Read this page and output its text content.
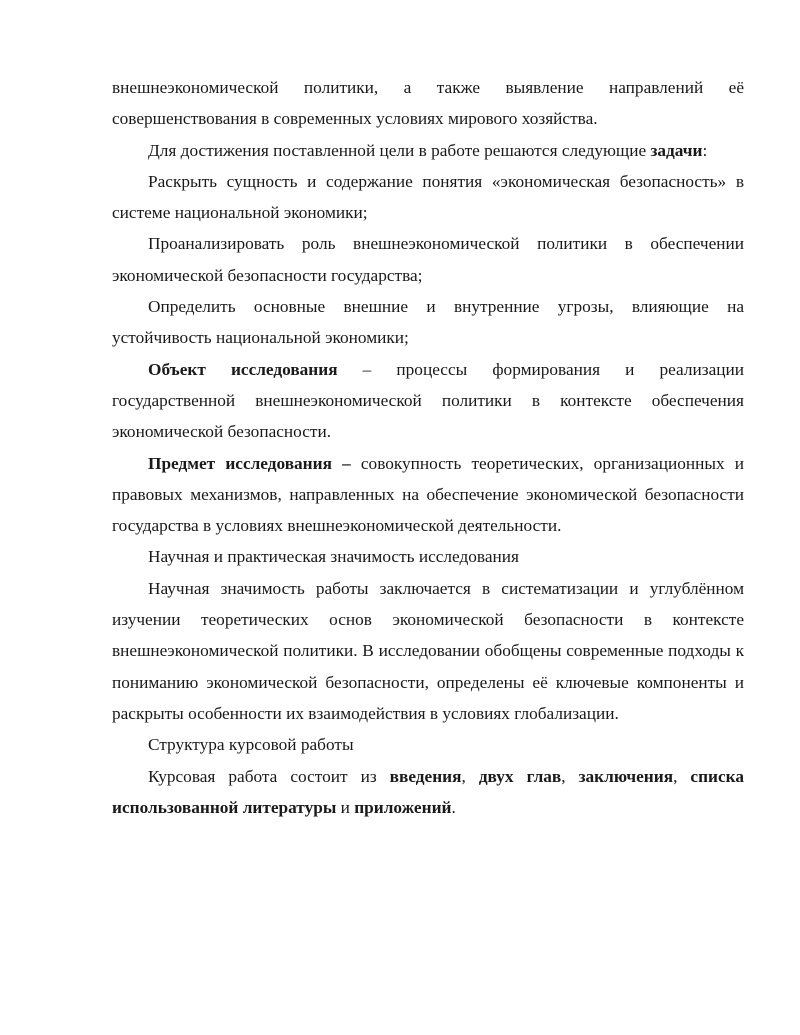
внешнеэкономической политики, а также выявление направлений её совершенствования в современных условиях мирового хозяйства.

Для достижения поставленной цели в работе решаются следующие задачи:

Раскрыть сущность и содержание понятия «экономическая безопасность» в системе национальной экономики;

Проанализировать роль внешнеэкономической политики в обеспечении экономической безопасности государства;

Определить основные внешние и внутренние угрозы, влияющие на устойчивость национальной экономики;

Объект исследования – процессы формирования и реализации государственной внешнеэкономической политики в контексте обеспечения экономической безопасности.

Предмет исследования – совокупность теоретических, организационных и правовых механизмов, направленных на обеспечение экономической безопасности государства в условиях внешнеэкономической деятельности.

Научная и практическая значимость исследования

Научная значимость работы заключается в систематизации и углублённом изучении теоретических основ экономической безопасности в контексте внешнеэкономической политики. В исследовании обобщены современные подходы к пониманию экономической безопасности, определены её ключевые компоненты и раскрыты особенности их взаимодействия в условиях глобализации.

Структура курсовой работы

Курсовая работа состоит из введения, двух глав, заключения, списка использованной литературы и приложений.
